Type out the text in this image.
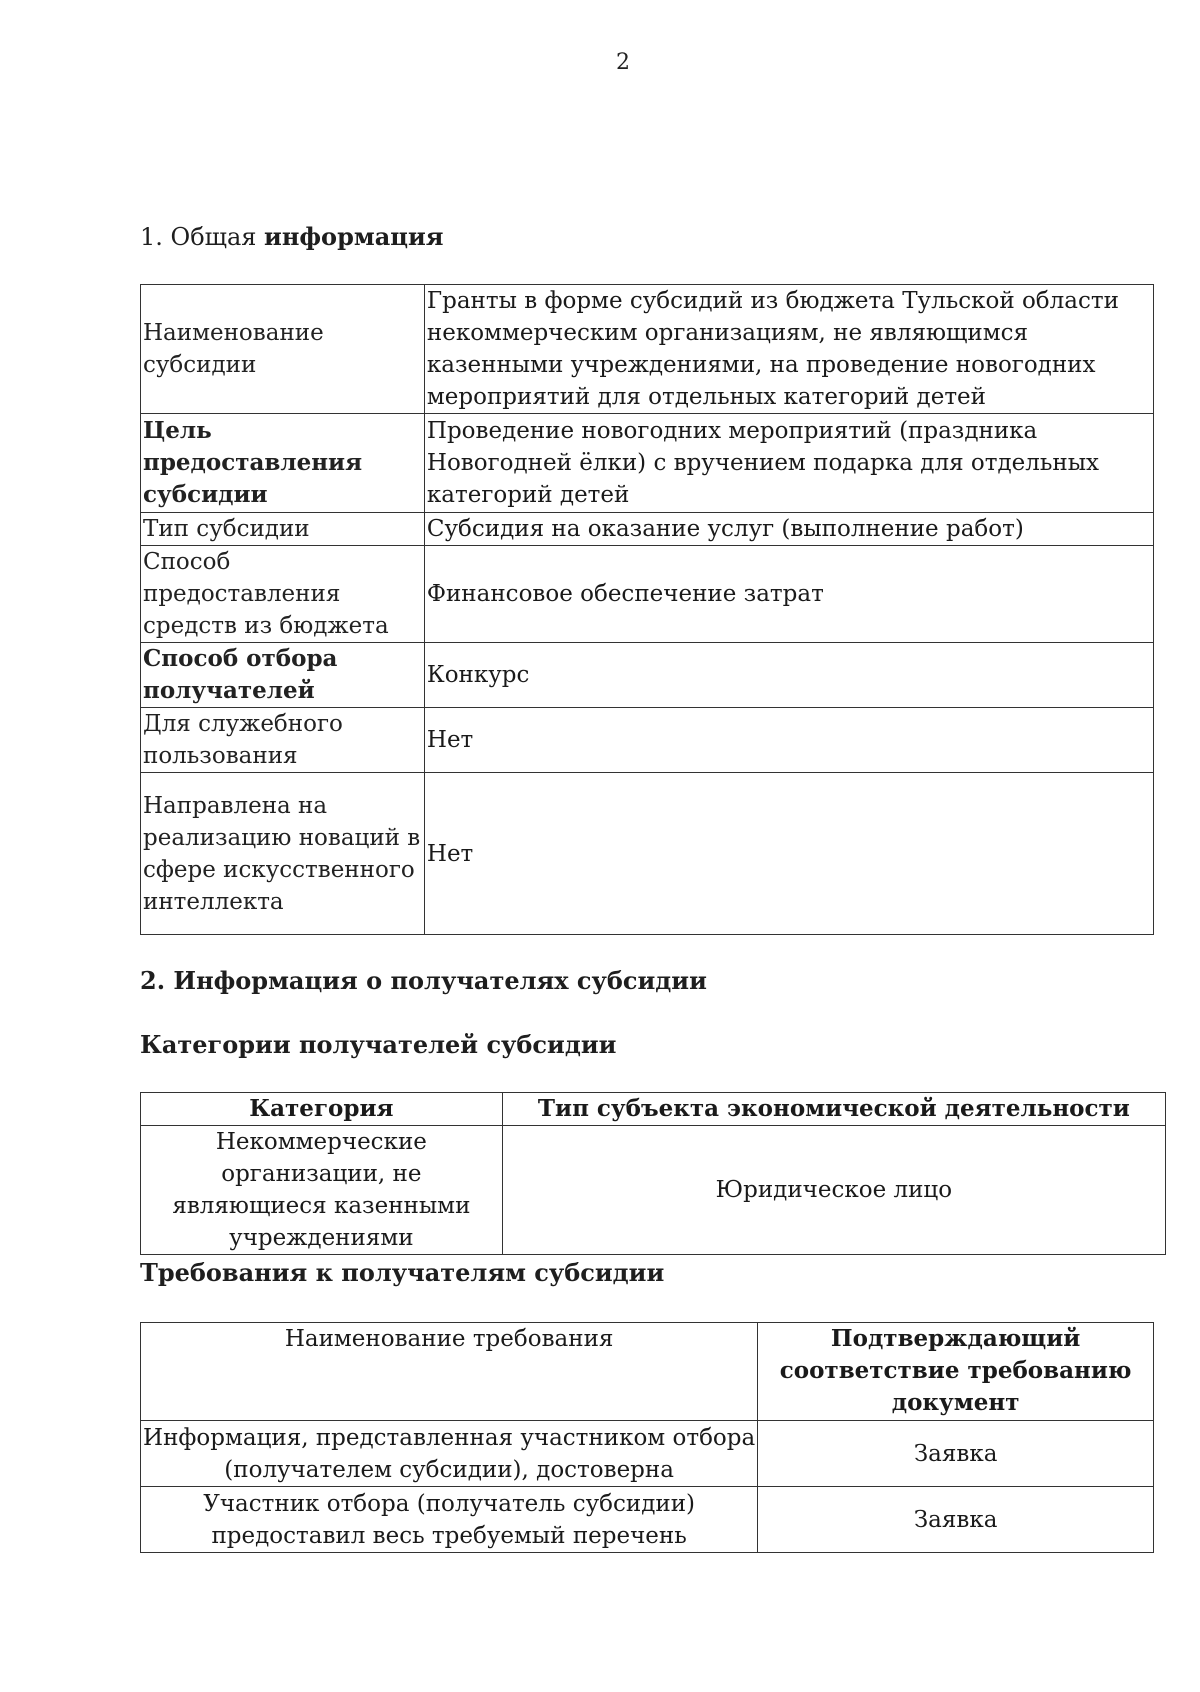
2
1. Общая информация
Наименование субсидии	Гранты в форме субсидий из бюджета Тульской области некоммерческим организациям, не являющимся казенными учреждениями, на проведение новогодних мероприятий для отдельных категорий детей
Цель предоставления субсидии	Проведение новогодних мероприятий (праздника Новогодней ёлки) с вручением подарка для отдельных категорий детей
Тип субсидии	Субсидия на оказание услуг (выполнение работ)
Способ предоставления средств из бюджета	Финансовое обеспечение затрат
Способ отбора получателей	Конкурс
Для служебного пользования	Нет
Направлена на реализацию новаций в сфере искусственного интеллекта	Нет
2. Информация о получателях субсидии
Категории получателей субсидии
Категория	Тип субъекта экономической деятельности
Некоммерческие организации, не являющиеся казенными учреждениями	Юридическое лицо
Требования к получателям субсидии
Наименование требования	Подтверждающий соответствие требованию документ
Информация, представленная участником отбора (получателем субсидии), достоверна	Заявка
Участник отбора (получатель субсидии) предоставил весь требуемый перечень	Заявка
